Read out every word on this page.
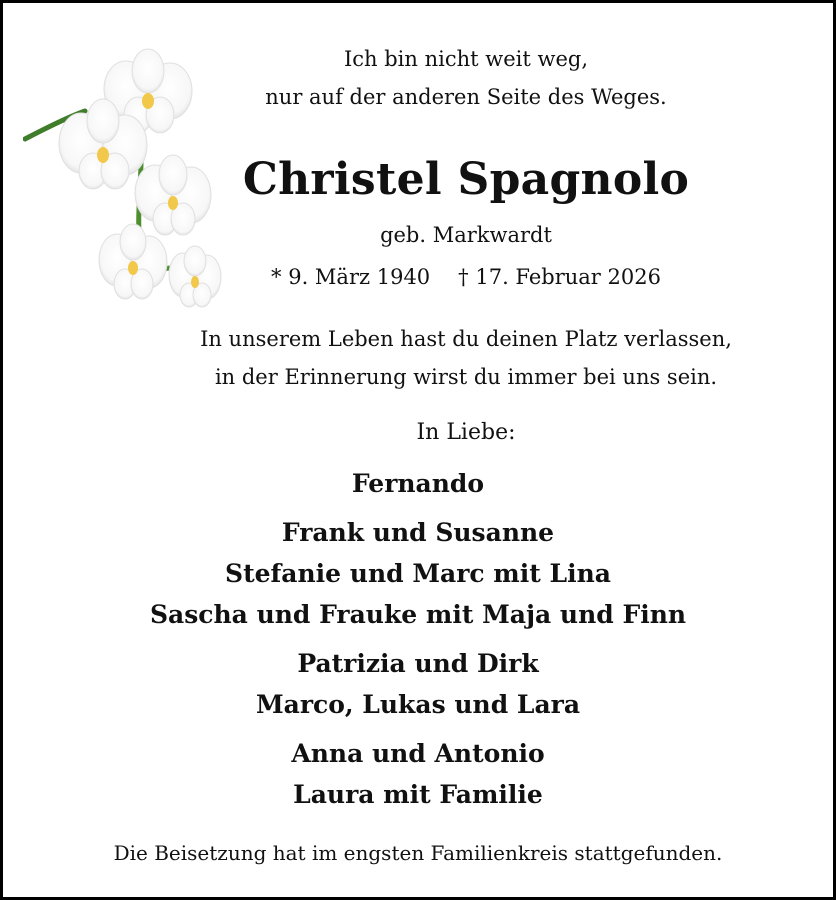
Ich bin nicht weit weg,
nur auf der anderen Seite des Weges.
Christel Spagnolo
geb. Markwardt
* 9. März 1940 † 17. Februar 2026
In unserem Leben hast du deinen Platz verlassen,
in der Erinnerung wirst du immer bei uns sein.
In Liebe:
Fernando
Frank und Susanne
Stefanie und Marc mit Lina
Sascha und Frauke mit Maja und Finn
Patrizia und Dirk
Marco, Lukas und Lara
Anna und Antonio
Laura mit Familie
Die Beisetzung hat im engsten Familienkreis stattgefunden.
